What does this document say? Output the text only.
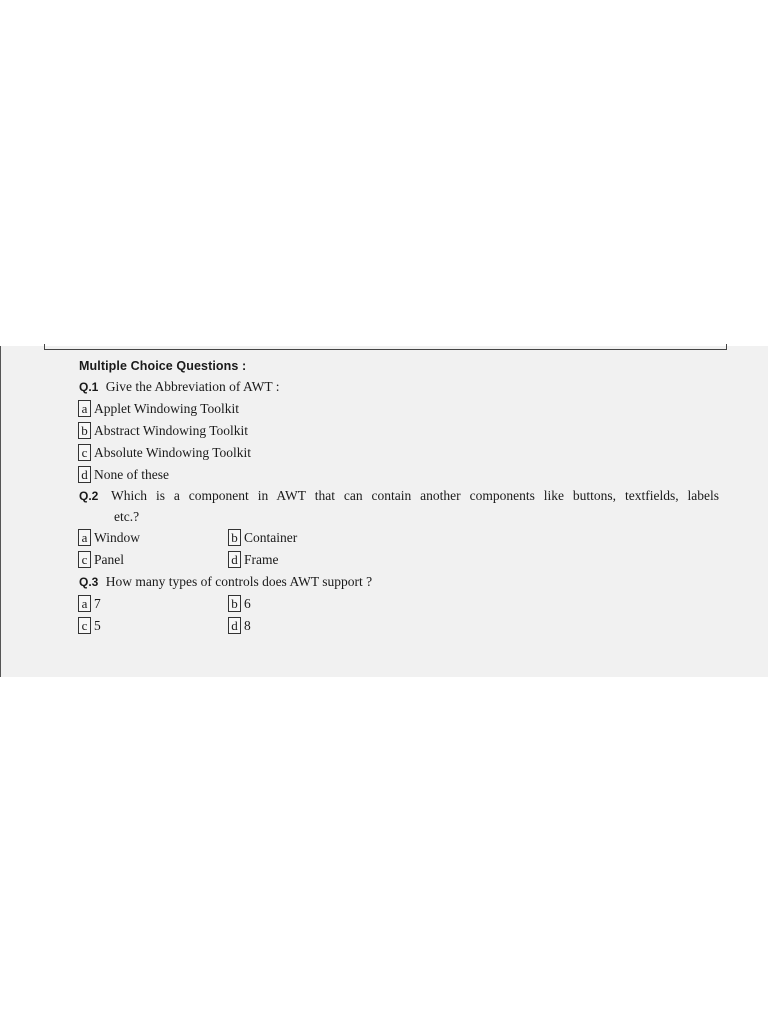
Multiple Choice Questions :
Q.1 Give the Abbreviation of AWT :
a Applet Windowing Toolkit
b Abstract Windowing Toolkit
c Absolute Windowing Toolkit
d None of these
Q.2 Which is a component in AWT that can contain another components like buttons, textfields, labels
etc.?
a Window	b Container
c Panel	d Frame
Q.3 How many types of controls does AWT support ?
a 7	b 6
c 5	d 8
